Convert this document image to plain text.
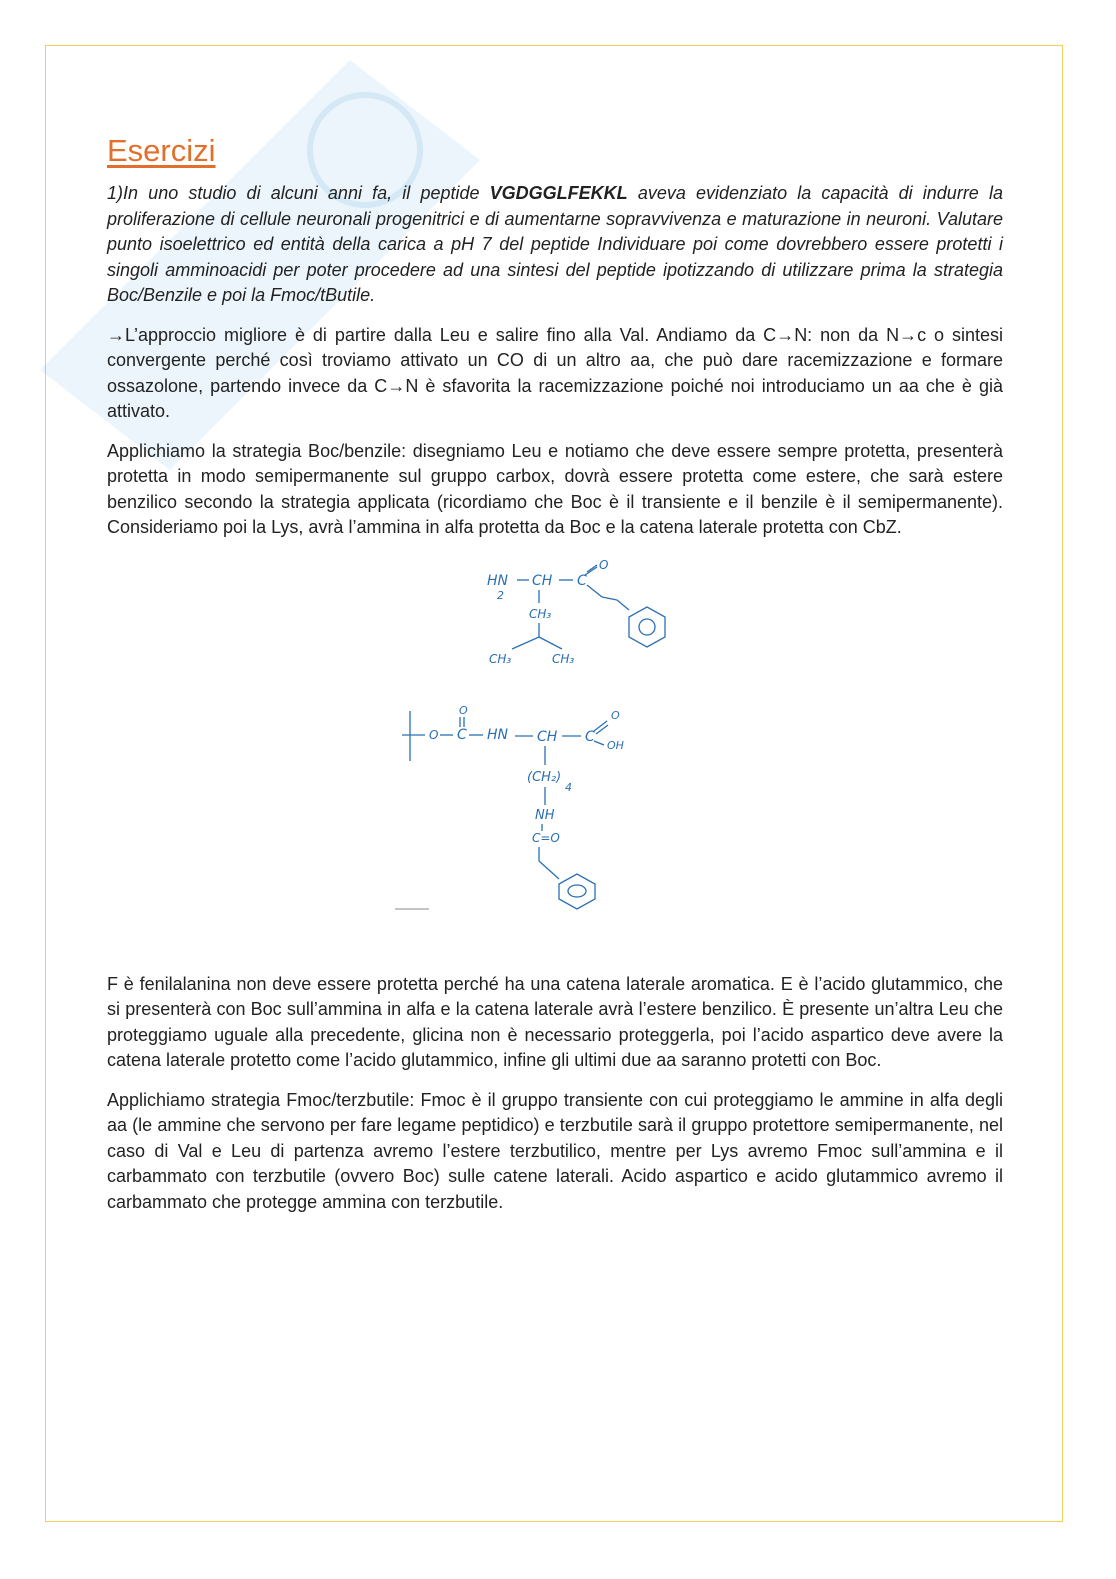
Esercizi

1)In uno studio di alcuni anni fa, il peptide VGDGGLFEKKL aveva evidenziato la capacità di indurre la proliferazione di cellule neuronali progenitrici e di aumentarne sopravvivenza e maturazione in neuroni. Valutare punto isoelettrico ed entità della carica a pH 7 del peptide Individuare poi come dovrebbero essere protetti i singoli amminoacidi per poter procedere ad una sintesi del peptide ipotizzando di utilizzare prima la strategia Boc/Benzile e poi la Fmoc/tButile.

→L’approccio migliore è di partire dalla Leu e salire fino alla Val. Andiamo da C→N: non da N→c o sintesi convergente perché così troviamo attivato un CO di un altro aa, che può dare racemizzazione e formare ossazolone, partendo invece da C→N è sfavorita la racemizzazione poiché noi introduciamo un aa che è già attivato.

Applichiamo la strategia Boc/benzile: disegniamo Leu e notiamo che deve essere sempre protetta, presenterà protetta in modo semipermanente sul gruppo carbox, dovrà essere protetta come estere, che sarà estere benzilico secondo la strategia applicata (ricordiamo che Boc è il transiente e il benzile è il semipermanente). Consideriamo poi la Lys, avrà l’ammina in alfa protetta da Boc e la catena laterale protetta con CbZ.

HN
2
CH C
O
CH₃
CH₃	CH₃
O
O C HN CH C
O
OH
(CH₂)
4
NH
C=O

F è fenilalanina non deve essere protetta perché ha una catena laterale aromatica. E è l’acido glutammico, che si presenterà con Boc sull’ammina in alfa e la catena laterale avrà l’estere benzilico. È presente un’altra Leu che proteggiamo uguale alla precedente, glicina non è necessario proteggerla, poi l’acido aspartico deve avere la catena laterale protetto come l’acido glutammico, infine gli ultimi due aa saranno protetti con Boc.

Applichiamo strategia Fmoc/terzbutile: Fmoc è il gruppo transiente con cui proteggiamo le ammine in alfa degli aa (le ammine che servono per fare legame peptidico) e terzbutile sarà il gruppo protettore semipermanente, nel caso di Val e Leu di partenza avremo l’estere terzbutilico, mentre per Lys avremo Fmoc sull’ammina e il carbammato con terzbutile (ovvero Boc) sulle catene laterali. Acido aspartico e acido glutammico avremo il carbammato che protegge ammina con terzbutile.
